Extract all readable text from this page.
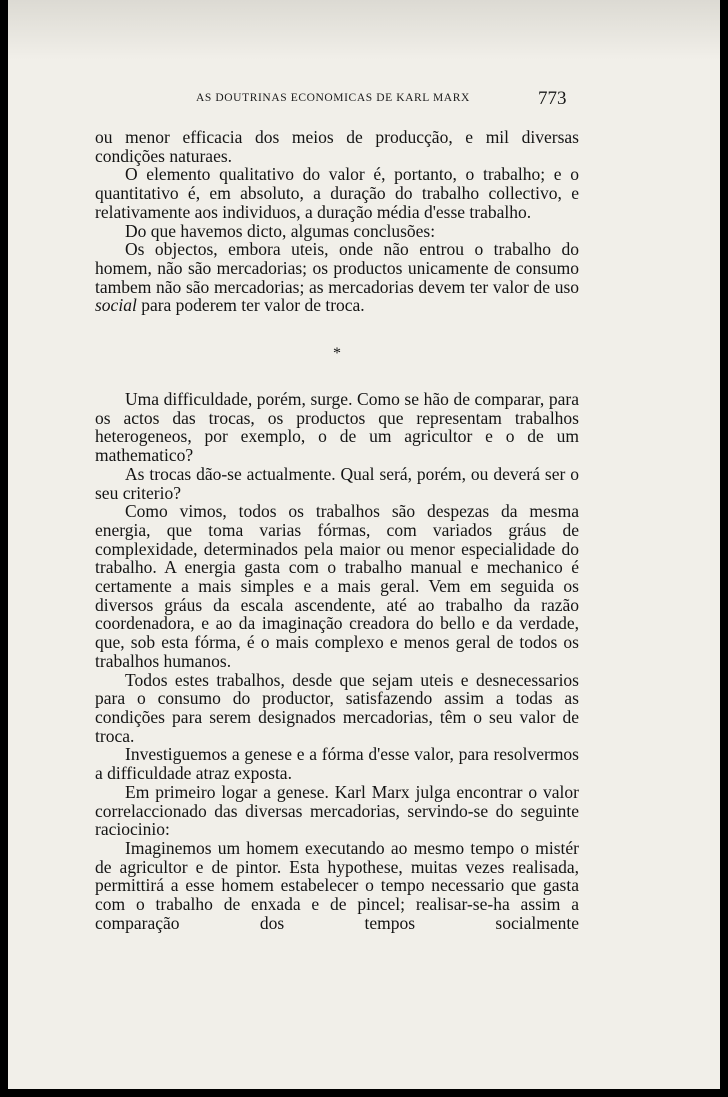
AS DOUTRINAS ECONOMICAS DE KARL MARX	773

ou menor efficacia dos meios de producção, e mil diversas condições naturaes.

O elemento qualitativo do valor é, portanto, o trabalho; e o quantitativo é, em absoluto, a duração do trabalho collectivo, e relativamente aos individuos, a duração média d'esse trabalho.

Do que havemos dicto, algumas conclusões:

Os objectos, embora uteis, onde não entrou o trabalho do homem, não são mercadorias; os productos unicamente de consumo tambem não são mercadorias; as mercadorias devem ter valor de uso social para poderem ter valor de troca.

*

Uma difficuldade, porém, surge. Como se hão de comparar, para os actos das trocas, os productos que representam trabalhos heterogeneos, por exemplo, o de um agricultor e o de um mathematico?

As trocas dão-se actualmente. Qual será, porém, ou deverá ser o seu criterio?

Como vimos, todos os trabalhos são despezas da mesma energia, que toma varias fórmas, com variados gráus de complexidade, determinados pela maior ou menor especialidade do trabalho. A energia gasta com o trabalho manual e mechanico é certamente a mais simples e a mais geral. Vem em seguida os diversos gráus da escala ascendente, até ao trabalho da razão coordenadora, e ao da imaginação creadora do bello e da verdade, que, sob esta fórma, é o mais complexo e menos geral de todos os trabalhos humanos.

Todos estes trabalhos, desde que sejam uteis e desnecessarios para o consumo do productor, satisfazendo assim a todas as condições para serem designados mercadorias, têm o seu valor de troca.

Investiguemos a genese e a fórma d'esse valor, para resolvermos a difficuldade atraz exposta.

Em primeiro logar a genese. Karl Marx julga encontrar o valor correlaccionado das diversas mercadorias, servindo-se do seguinte raciocinio:

Imaginemos um homem executando ao mesmo tempo o mistér de agricultor e de pintor. Esta hypothese, muitas vezes realisada, permittirá a esse homem estabelecer o tempo necessario que gasta com o trabalho de enxada e de pincel; realisar-se-ha assim a comparação dos tempos socialmente
